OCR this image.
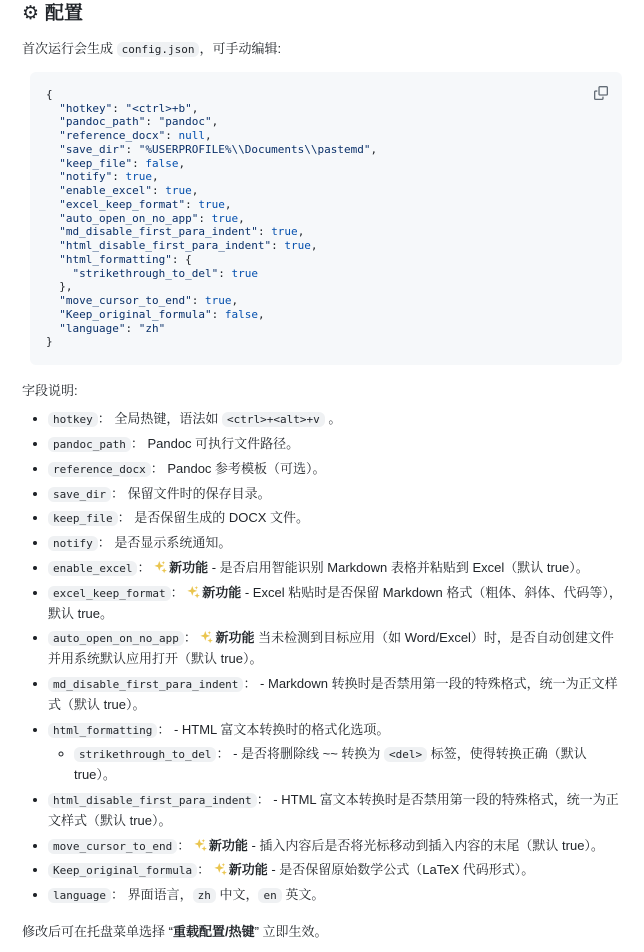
⚙ 配置

首次运行会生成 config.json ，可手动编辑:

{
"hotkey": "<ctrl>+b",
"pandoc_path": "pandoc",
"reference_docx": null,
"save_dir": "%USERPROFILE%\\Documents\\pastemd",
"keep_file": false,
"notify": true,
"enable_excel": true,
"excel_keep_format": true,
"auto_open_on_no_app": true,
"md_disable_first_para_indent": true,
"html_disable_first_para_indent": true,
"html_formatting": {
"strikethrough_to_del": true
},
"move_cursor_to_end": true,
"Keep_original_formula": false,
"language": "zh"
}

字段说明:

• hotkey ： 全局热键，语法如 <ctrl>+<alt>+v 。
• pandoc_path ： Pandoc 可执行文件路径。
• reference_docx ： Pandoc 参考模板（可选）。
• save_dir ： 保留文件时的保存目录。
• keep_file ： 是否保留生成的 DOCX 文件。
• notify ： 是否显示系统通知。
• enable_excel ：
新功能 - 是否启用智能识别 Markdown 表格并粘贴到 Excel（默认 true）。
• excel_keep_format ：
新功能 - Excel 粘贴时是否保留 Markdown 格式（粗体、斜体、代码等），默认 true。
• auto_open_on_no_app ：
新功能 当未检测到目标应用（如 Word/Excel）时，是否自动创建文件并用系统默认应用打开（默认 true）。
• md_disable_first_para_indent ： - Markdown 转换时是否禁用第一段的特殊格式，统一为正文样式（默认 true）。
• html_formatting ： - HTML 富文本转换时的格式化选项。
◦ strikethrough_to_del ： - 是否将删除线 ~~ 转换为 <del> 标签，使得转换正确（默认 true）。
• html_disable_first_para_indent ： - HTML 富文本转换时是否禁用第一段的特殊格式，统一为正文样式（默认 true）。
• move_cursor_to_end ：
新功能 - 插入内容后是否将光标移动到插入内容的末尾（默认 true）。
• Keep_original_formula ：
新功能 - 是否保留原始数学公式（LaTeX 代码形式）。
• language ： 界面语言， zh 中文， en 英文。

修改后可在托盘菜单选择 “重载配置/热键” 立即生效。
